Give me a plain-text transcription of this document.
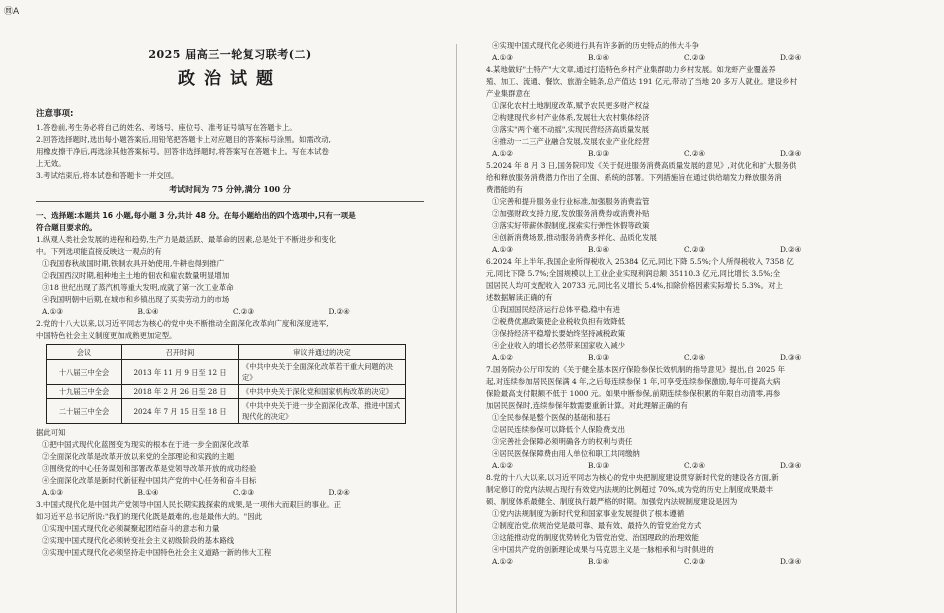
㉄A
2025 届高三一轮复习联考(二)
政治试题
注意事项:

1.答卷前,考生务必将自己的姓名、考场号、座位号、准考证号填写在答题卡上。

2.回答选择题时,选出每小题答案后,用铅笔把答题卡上对应题目的答案标号涂黑。如需改动,

用橡皮擦干净后,再选涂其他答案标号。回答非选择题时,将答案写在答题卡上。写在本试卷

上无效。

3.考试结束后,将本试卷和答题卡一并交回。

考试时间为 75 分钟,满分 100 分

一、选择题:本题共 16 小题,每小题 3 分,共计 48 分。在每小题给出的四个选项中,只有一项是

符合题目要求的。

1.纵观人类社会发展的进程和趋势,生产力是最活跃、最革命的因素,总是处于不断进步和变化

中。下列选项能直接反映这一观点的有

①我国春秋战国时期,铁制农具开始使用,牛耕也得到推广

②我国西汉时期,租种地主土地的佃农和雇农数量明显增加

③18 世纪出现了蒸汽机等重大发明,成就了第一次工业革命

④我国明朝中后期,在城市和乡镇出现了买卖劳动力的市场

A.①③	B.①④	C.②③	D.②④

2.党的十八大以来,以习近平同志为核心的党中央不断推动全面深化改革向广度和深度进军,

中国特色社会主义制度更加成熟更加定型。

会议	召开时间	审议并通过的决定
十八届三中全会	2013 年 11 月 9 日至 12 日	《中共中央关于全面深化改革若干重大问题的决定》
十九届三中全会	2018 年 2 月 26 日至 28 日	《中共中央关于深化党和国家机构改革的决定》
二十届三中全会	2024 年 7 月 15 日至 18 日	《中共中央关于进一步全面深化改革、推进中国式现代化的决定》

据此可知

①把中国式现代化蓝图变为现实的根本在于进一步全面深化改革

②全面深化改革是改革开放以来党的全部理论和实践的主题

③围绕党的中心任务谋划和部署改革是党领导改革开放的成功经验

④全面深化改革是新时代新征程中国共产党的中心任务和奋斗目标

A.①③	B.①④	C.②③	D.②④

3.中国式现代化是中国共产党领导中国人民长期实践探索的成果,是一项伟大而艰巨的事业。正

如习近平总书记所说:"我们的现代化既是最难的,也是最伟大的。"因此

①实现中国式现代化必须凝聚起团结奋斗的意志和力量

②实现中国式现代化必须转变社会主义初级阶段的基本路线

③实现中国式现代化必须坚持走中国特色社会主义道路一新的伟大工程

④实现中国式现代化必须进行具有许多新的历史特点的伟大斗争

A.①③	B.①④	C.②③	D.②④

4.某地做好"土特产"大文章,通过打造特色乡村产业集群助力乡村发展。如龙虾产业覆盖养

殖、加工、流通、餐饮、旅游全链条,总产值达 191 亿元,带动了当地 20 多万人就业。建设乡村

产业集群意在

①深化农村土地制度改革,赋予农民更多财产权益

②构建现代乡村产业体系,发展壮大农村集体经济

③落实"两个毫不动摇",实现民营经济高质量发展

④推动一二三产业融合发展,发展农业产业化经营

A.①②	B.①③	C.②④	D.③④

5.2024 年 8 月 3 日,国务院印发《关于促进服务消费高质量发展的意见》,对优化和扩大服务供

给和释放服务消费潜力作出了全面、系统的部署。下列措施旨在通过供给端发力释放服务消

费潜能的有

①完善和提升服务业行业标准,加强服务消费监管

②加强财政支持力度,发放服务消费券或消费补贴

③落实好带薪休假制度,探索实行弹性休假等政策

④创新消费场景,推动服务消费多样化、品质化发展

A.①③	B.①④	C.②③	D.②④

6.2024 年上半年,我国企业所得税收入 25384 亿元,同比下降 5.5%;个人所得税收入 7358 亿

元,同比下降 5.7%;全国规模以上工业企业实现利润总额 35110.3 亿元,同比增长 3.5%;全

国居民人均可支配收入 20733 元,同比名义增长 5.4%,扣除价格因素实际增长 5.3%。对上

述数据解读正确的有

①我国国民经济运行总体平稳,稳中有进

②税费优惠政策使企业税收负担有效降低

③保持经济平稳增长要始终坚持减税政策

④企业收入的增长必然带来国家收入减少

A.①②	B.①③	C.②④	D.③④

7.国务院办公厅印发的《关于健全基本医疗保险参保长效机制的指导意见》提出,自 2025 年

起,对连续参加居民医保满 4 年,之后每连续参保 1 年,可享受连续参保激励,每年可提高大病

保险最高支付限额不低于 1000 元。如果中断参保,前期连续参保积累的年限自动清零,再参

加居民医保时,连续参保年数需要重新计算。对此理解正确的有

①全民参保是整个医保的基础和基石

②居民连续参保可以降低个人保险费支出

③完善社会保障必须明确各方的权利与责任

④居民医保保障费由用人单位和职工共同缴纳

A.①②	B.①③	C.②④	D.③④

8.党的十八大以来,以习近平同志为核心的党中央把制度建设贯穿新时代党的建设各方面,新

制定修订的党内法规占现行有效党内法规的比例超过 70%,成为党的历史上制度成果最丰

硕、制度体系最健全、制度执行最严格的时期。加强党内法规制度建设是因为

①党内法规制度为新时代党和国家事业发展提供了根本遵循

②制度治党,依规治党是最可靠、最有效、最持久的管党治党方式

③这能推动党的制度优势转化为管党治党、治国理政的治理效能

④中国共产党的创新理论成果与马克思主义是一脉相承和与时俱进的

A.①②	B.①④	C.②③	D.③④
